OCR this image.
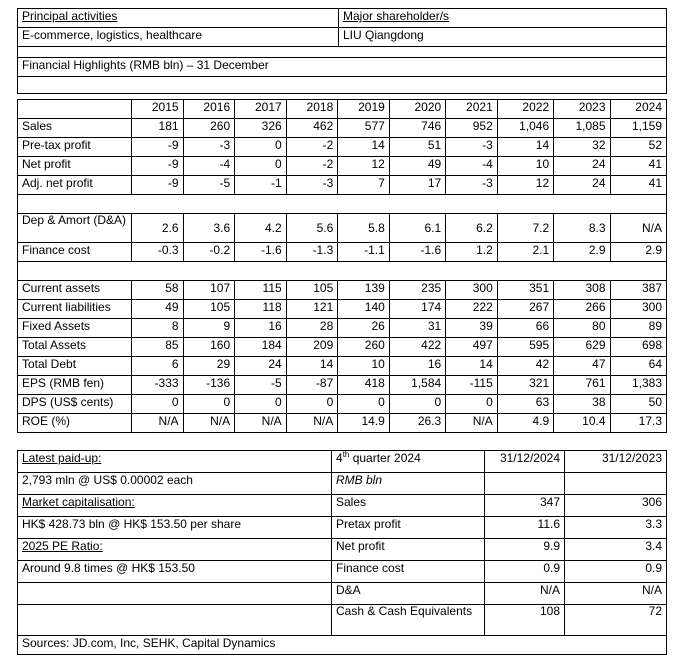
Principal activities	Major shareholder/s
E-commerce, logistics, healthcare	LIU Qiangdong

Financial Highlights (RMB bln) – 31 December	

	2015	2016	2017	2018	2019	2020	2021	2022	2023	2024
Sales	181	260	326	462	577	746	952	1,046	1,085	1,159
Pre-tax profit	-9	-3	0	-2	14	51	-3	14	32	52
Net profit	-9	-4	0	-2	12	49	-4	10	24	41
Adj. net profit	-9	-5	-1	-3	7	17	-3	12	24	41

Dep & Amort (D&A)	2.6	3.6	4.2	5.6	5.8	6.1	6.2	7.2	8.3	N/A
Finance cost	-0.3	-0.2	-1.6	-1.3	-1.1	-1.6	1.2	2.1	2.9	2.9

Current assets	58	107	115	105	139	235	300	351	308	387
Current liabilities	49	105	118	121	140	174	222	267	266	300
Fixed Assets	8	9	16	28	26	31	39	66	80	89
Total Assets	85	160	184	209	260	422	497	595	629	698
Total Debt	6	29	24	14	10	16	14	42	47	64
EPS (RMB fen)	-333	-136	-5	-87	418	1,584	-115	321	761	1,383
DPS (US$ cents)	0	0	0	0	0	0	0	63	38	50
ROE (%)	N/A	N/A	N/A	N/A	14.9	26.3	N/A	4.9	10.4	17.3
Latest paid-up:	4th quarter 2024	31/12/2024	31/12/2023
2,793 mln @ US$ 0.00002 each	RMB bln		
Market capitalisation:	Sales	347	306
HK$ 428.73 bln @ HK$ 153.50 per share	Pretax profit	11.6	3.3
2025 PE Ratio:	Net profit	9.9	3.4
Around 9.8 times @ HK$ 153.50	Finance cost	0.9	0.9
	D&A	N/A	N/A
	Cash & Cash Equivalents	108	72
Sources: JD.com, Inc, SEHK, Capital Dynamics			
